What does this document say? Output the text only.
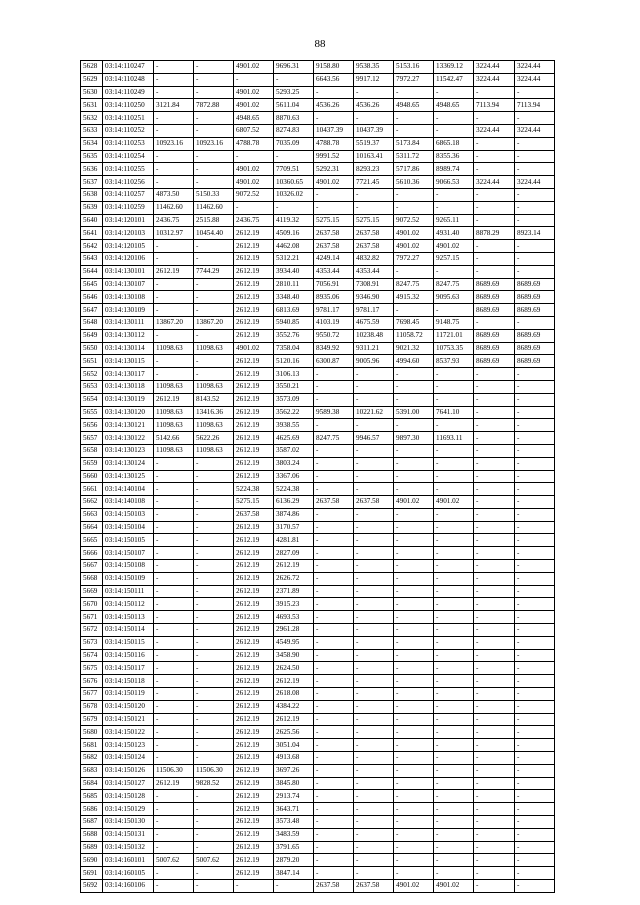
88
5628	03:14:110247	-	-	4901.02	9696.31	9158.80	9538.35	5153.16	13369.12	3224.44	3224.44
5629	03:14:110248	-	-	-	-	6643.56	9917.12	7972.27	11542.47	3224.44	3224.44
5630	03:14:110249	-	-	4901.02	5293.25	-	-	-	-	-	-
5631	03:14:110250	3121.84	7872.88	4901.02	5611.04	4536.26	4536.26	4948.65	4948.65	7113.94	7113.94
5632	03:14:110251	-	-	4948.65	8870.63	-	-	-	-	-	-
5633	03:14:110252	-	-	6807.52	8274.83	10437.39	10437.39	-	-	3224.44	3224.44
5634	03:14:110253	10923.16	10923.16	4788.78	7035.09	4788.78	5519.37	5173.84	6865.18	-	-
5635	03:14:110254	-	-	-	-	9991.52	10163.41	5311.72	8355.36	-	-
5636	03:14:110255	-	-	4901.02	7709.51	5292.31	8293.23	5717.86	8989.74	-	-
5637	03:14:110256	-	-	4901.02	10360.65	4901.02	7721.45	5610.36	9066.53	3224.44	3224.44
5638	03:14:110257	4873.50	5150.33	9072.52	10326.02	-	-	-	-	-	-
5639	03:14:110259	11462.60	11462.60	-	-	-	-	-	-	-	-
5640	03:14:120101	2436.75	2515.88	2436.75	4119.32	5275.15	5275.15	9072.52	9265.11	-	-
5641	03:14:120103	10312.97	10454.40	2612.19	4509.16	2637.58	2637.58	4901.02	4931.40	8878.29	8923.14
5642	03:14:120105	-	-	2612.19	4462.08	2637.58	2637.58	4901.02	4901.02	-	-
5643	03:14:120106	-	-	2612.19	5312.21	4249.14	4832.82	7972.27	9257.15	-	-
5644	03:14:130101	2612.19	7744.29	2612.19	3934.40	4353.44	4353.44	-	-	-	-
5645	03:14:130107	-	-	2612.19	2810.11	7056.91	7308.91	8247.75	8247.75	8689.69	8689.69
5646	03:14:130108	-	-	2612.19	3348.40	8935.06	9346.90	4915.32	9095.63	8689.69	8689.69
5647	03:14:130109	-	-	2612.19	6813.69	9781.17	9781.17	-	-	8689.69	8689.69
5648	03:14:130111	13867.20	13867.20	2612.19	5940.85	4103.19	4675.59	7698.45	9148.75	-	-
5649	03:14:130112	-	-	2612.19	3552.76	9550.72	10238.48	11058.72	11721.01	8689.69	8689.69
5650	03:14:130114	11098.63	11098.63	4901.02	7358.04	8349.92	9311.21	9021.32	10753.35	8689.69	8689.69
5651	03:14:130115	-	-	2612.19	5120.16	6300.87	9005.96	4994.60	8537.93	8689.69	8689.69
5652	03:14:130117	-	-	2612.19	3106.13	-	-	-	-	-	-
5653	03:14:130118	11098.63	11098.63	2612.19	3550.21	-	-	-	-	-	-
5654	03:14:130119	2612.19	8143.52	2612.19	3573.09	-	-	-	-	-	-
5655	03:14:130120	11098.63	13416.36	2612.19	3562.22	9589.38	10221.62	5391.00	7641.10	-	-
5656	03:14:130121	11098.63	11098.63	2612.19	3938.55	-	-	-	-	-	-
5657	03:14:130122	5142.66	5622.26	2612.19	4625.69	8247.75	9946.57	9897.30	11693.11	-	-
5658	03:14:130123	11098.63	11098.63	2612.19	3587.02	-	-	-	-	-	-
5659	03:14:130124	-	-	2612.19	3803.24	-	-	-	-	-	-
5660	03:14:130125	-	-	2612.19	3367.06	-	-	-	-	-	-
5661	03:14:140104	-	-	5224.38	5224.38	-	-	-	-	-	-
5662	03:14:140108	-	-	5275.15	6136.29	2637.58	2637.58	4901.02	4901.02	-	-
5663	03:14:150103	-	-	2637.58	3874.86	-	-	-	-	-	-
5664	03:14:150104	-	-	2612.19	3170.57	-	-	-	-	-	-
5665	03:14:150105	-	-	2612.19	4281.81	-	-	-	-	-	-
5666	03:14:150107	-	-	2612.19	2827.09	-	-	-	-	-	-
5667	03:14:150108	-	-	2612.19	2612.19	-	-	-	-	-	-
5668	03:14:150109	-	-	2612.19	2626.72	-	-	-	-	-	-
5669	03:14:150111	-	-	2612.19	2371.89	-	-	-	-	-	-
5670	03:14:150112	-	-	2612.19	3915.23	-	-	-	-	-	-
5671	03:14:150113	-	-	2612.19	4693.53	-	-	-	-	-	-
5672	03:14:150114	-	-	2612.19	2961.28	-	-	-	-	-	-
5673	03:14:150115	-	-	2612.19	4549.95	-	-	-	-	-	-
5674	03:14:150116	-	-	2612.19	3458.90	-	-	-	-	-	-
5675	03:14:150117	-	-	2612.19	2624.50	-	-	-	-	-	-
5676	03:14:150118	-	-	2612.19	2612.19	-	-	-	-	-	-
5677	03:14:150119	-	-	2612.19	2618.08	-	-	-	-	-	-
5678	03:14:150120	-	-	2612.19	4384.22	-	-	-	-	-	-
5679	03:14:150121	-	-	2612.19	2612.19	-	-	-	-	-	-
5680	03:14:150122	-	-	2612.19	2625.56	-	-	-	-	-	-
5681	03:14:150123	-	-	2612.19	3051.04	-	-	-	-	-	-
5682	03:14:150124	-	-	2612.19	4913.68	-	-	-	-	-	-
5683	03:14:150126	11506.30	11506.30	2612.19	3697.26	-	-	-	-	-	-
5684	03:14:150127	2612.19	9828.52	2612.19	3845.80	-	-	-	-	-	-
5685	03:14:150128	-	-	2612.19	2913.74	-	-	-	-	-	-
5686	03:14:150129	-	-	2612.19	3643.71	-	-	-	-	-	-
5687	03:14:150130	-	-	2612.19	3573.48	-	-	-	-	-	-
5688	03:14:150131	-	-	2612.19	3483.59	-	-	-	-	-	-
5689	03:14:150132	-	-	2612.19	3791.65	-	-	-	-	-	-
5690	03:14:160101	5007.62	5007.62	2612.19	2879.20	-	-	-	-	-	-
5691	03:14:160105	-	-	2612.19	3847.14	-	-	-	-	-	-
5692	03:14:160106	-	-	-	-	2637.58	2637.58	4901.02	4901.02	-	-
